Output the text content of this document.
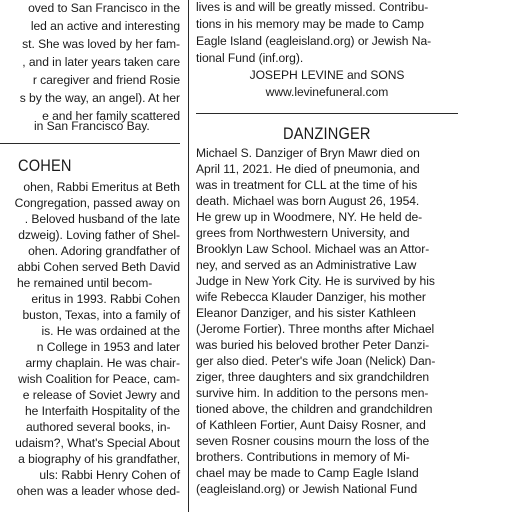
oved to San Francisco in the
led an active and interesting
st. She was loved by her fam-
, and in later years taken care
r caregiver and friend Rosie
s by the way, an angel). At her
e and her family scattered
in San Francisco Bay.
COHEN
ohen, Rabbi Emeritus at Beth
Congregation, passed away on
. Beloved husband of the late
dzweig). Loving father of Shel-
ohen. Adoring grandfather of
abbi Cohen served Beth David
he remained until becom-
eritus in 1993. Rabbi Cohen
buston, Texas, into a family of
is. He was ordained at the
n College in 1953 and later
army chaplain. He was chair-
wish Coalition for Peace, cam-
e release of Soviet Jewry and
he Interfaith Hospitality of the
authored several books, in-
udaism?, What's Special About
a biography of his grandfather,
uls: Rabbi Henry Cohen of
ohen was a leader whose ded-
lives is and will be greatly missed. Contribu-
tions in his memory may be made to Camp
Eagle Island (eagleisland.org) or Jewish Na-
tional Fund (inf.org).
JOSEPH LEVINE and SONS
www.levinefuneral.com
DANZINGER
Michael S. Danziger of Bryn Mawr died on
April 11, 2021. He died of pneumonia, and
was in treatment for CLL at the time of his
death. Michael was born August 26, 1954.
He grew up in Woodmere, NY. He held de-
grees from Northwestern University, and
Brooklyn Law School. Michael was an Attor-
ney, and served as an Administrative Law
Judge in New York City. He is survived by his
wife Rebecca Klauder Danziger, his mother
Eleanor Danziger, and his sister Kathleen
(Jerome Fortier). Three months after Michael
was buried his beloved brother Peter Danzi-
ger also died. Peter's wife Joan (Nelick) Dan-
ziger, three daughters and six grandchildren
survive him. In addition to the persons men-
tioned above, the children and grandchildren
of Kathleen Fortier, Aunt Daisy Rosner, and
seven Rosner cousins mourn the loss of the
brothers. Contributions in memory of Mi-
chael may be made to Camp Eagle Island
(eagleisland.org) or Jewish National Fund
